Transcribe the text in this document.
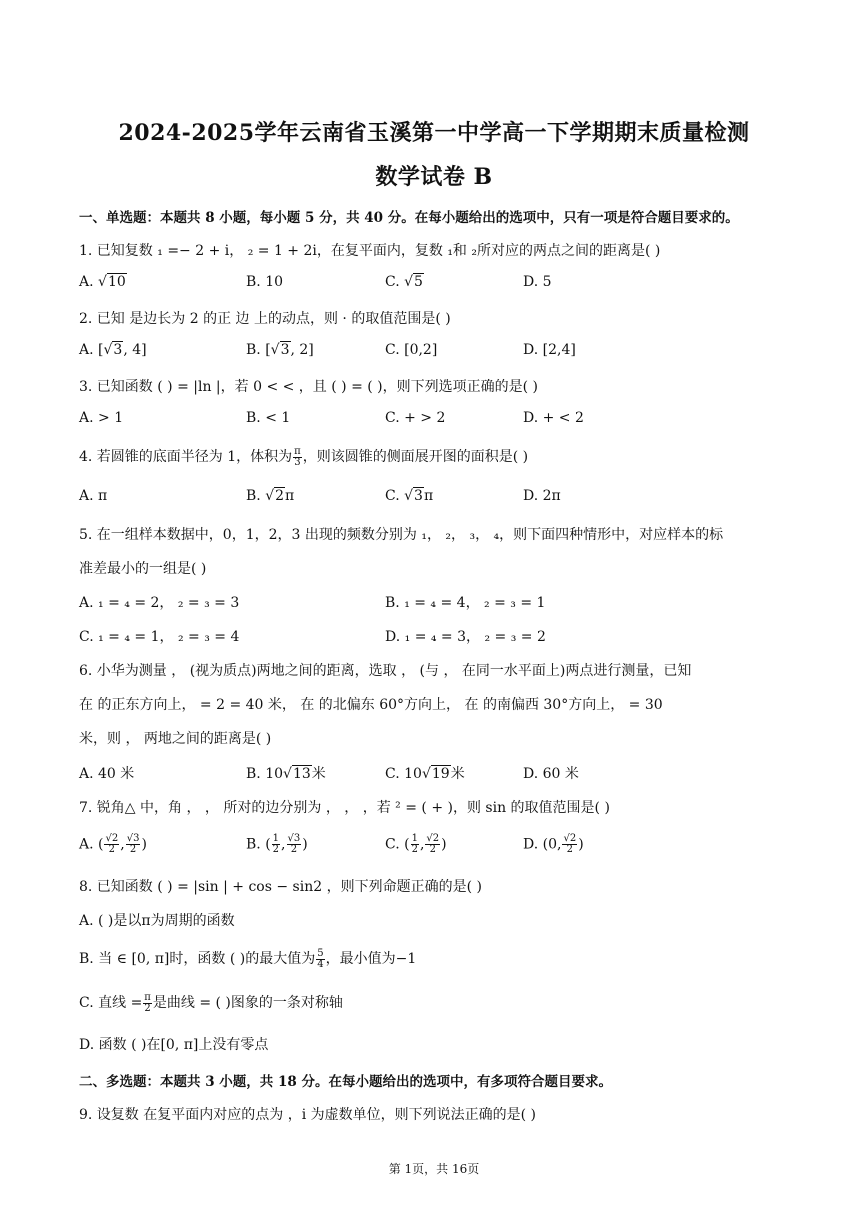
2024-2025学年云南省玉溪第一中学高一下学期期末质量检测
数学试卷 B
一、单选题：本题共 8 小题，每小题 5 分，共 40 分。在每小题给出的选项中，只有一项是符合题目要求的。
1. 已知复数 ₁ =− 2 + i， ₂ = 1 + 2i，在复平面内，复数 ₁和 ₂所对应的两点之间的距离是( )
A. √10	B. 10	C. √5	D. 5
2. 已知 是边长为 2 的正 边 上的动点，则 · 的取值范围是( )
A. [√3, 4]	B. [√3, 2]	C. [0,2]	D. [2,4]
3. 已知函数 ( ) = |ln |，若 0 < < ，且 ( ) = ( )，则下列选项正确的是( )
A. > 1	B. < 1	C. + > 2	D. + < 2
4. 若圆锥的底面半径为 1，体积为 $\frac{\pi}{3}$ ，则该圆锥的侧面展开图的面积是( )
A. π	B. √2π	C. √3π	D. 2π
5. 在一组样本数据中，0，1，2，3 出现的频数分别为 ₁， ₂， ₃， ₄，则下面四种情形中，对应样本的标
准差最小的一组是( )
A. ₁ = ₄ = 2， ₂ = ₃ = 3	B. ₁ = ₄ = 4， ₂ = ₃ = 1
C. ₁ = ₄ = 1， ₂ = ₃ = 4	D. ₁ = ₄ = 3， ₂ = ₃ = 2
6. 小华为测量 ， (视为质点)两地之间的距离，选取 ， (与 ， 在同一水平面上)两点进行测量，已知
在 的正东方向上， = 2 = 40 米， 在 的北偏东 60°方向上， 在 的南偏西 30°方向上， = 30
米，则 ， 两地之间的距离是( )
A. 40 米	B. 10√13米	C. 10√19米	D. 60 米
7. 锐角△ 中，角 ， ， 所对的边分别为 ， ， ，若 ² = ( + )，则 sin 的取值范围是( )
A. ( $\frac{√2}{2}$ , $\frac{√3}{2}$ )	B. ( $\frac{1}{2}$ , $\frac{√3}{2}$ )	C. ( $\frac{1}{2}$ , $\frac{√2}{2}$ )	D. (0, $\frac{√2}{2}$ )
8. 已知函数 ( ) = |sin | + cos − sin2 ，则下列命题正确的是( )
A. ( )是以π为周期的函数
B. 当 ∈ [0, π]时，函数 ( )的最大值为 $\frac{5}{4}$ ，最小值为−1
C. 直线 = $\frac{\pi}{2}$ 是曲线 = ( )图象的一条对称轴
D. 函数 ( )在[0, π]上没有零点
二、多选题：本题共 3 小题，共 18 分。在每小题给出的选项中，有多项符合题目要求。
9. 设复数 在复平面内对应的点为 ，i 为虚数单位，则下列说法正确的是( )
第 1页，共 16页
